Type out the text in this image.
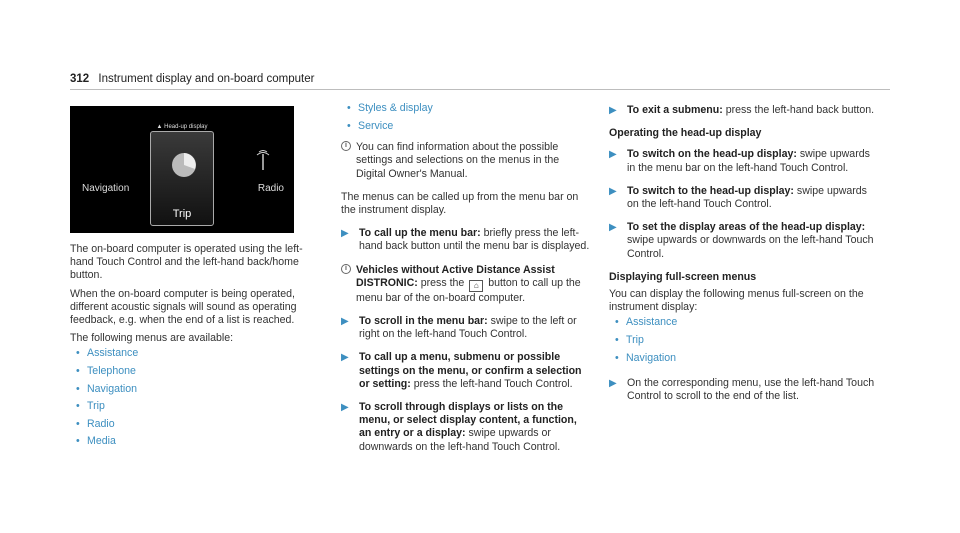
312 Instrument display and on-board computer
▲ Head-up display
Navigation
Trip
Radio

The on-board computer is operated using the left-hand Touch Control and the left-hand back/home button.

When the on-board computer is being operated, different acoustic signals will sound as operating feedback, e.g. when the end of a list is reached.

The following menus are available:

• Assistance
• Telephone
• Navigation
• Trip
• Radio
• Media
• Styles & display
• Service
i You can find information about the possible settings and selections on the menus in the Digital Owner's Manual.

The menus can be called up from the menu bar on the instrument display.

▶ To call up the menu bar: briefly press the left-hand back button until the menu bar is displayed.
i Vehicles without Active Distance Assist DISTRONIC: press the ⌂ button to call up the menu bar of the on-board computer.
▶ To scroll in the menu bar: swipe to the left or right on the left-hand Touch Control.
▶ To call up a menu, submenu or possible settings on the menu, or confirm a selection or setting: press the left-hand Touch Control.
▶ To scroll through displays or lists on the menu, or select display content, a function, an entry or a display: swipe upwards or downwards on the left-hand Touch Control.
▶ To exit a submenu: press the left-hand back button.
Operating the head-up display
▶ To switch on the head-up display: swipe upwards in the menu bar on the left-hand Touch Control.
▶ To switch to the head-up display: swipe upwards on the left-hand Touch Control.
▶ To set the display areas of the head-up display: swipe upwards or downwards on the left-hand Touch Control.
Displaying full-screen menus

You can display the following menus full-screen on the instrument display:

• Assistance
• Trip
• Navigation
▶ On the corresponding menu, use the left-hand Touch Control to scroll to the end of the list.
